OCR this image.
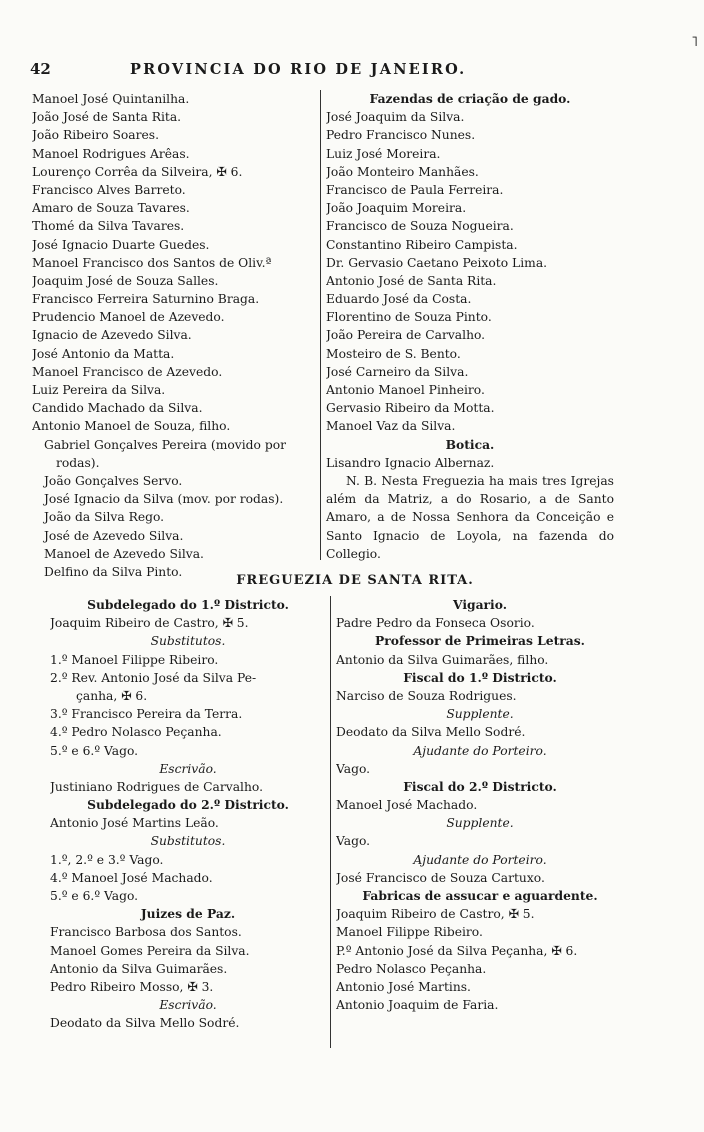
˥
42	PROVINCIA DO RIO DE JANEIRO.
Manoel José Quintanilha.
João José de Santa Rita.
João Ribeiro Soares.
Manoel Rodrigues Arêas.
Lourenço Corrêa da Silveira, ✠ 6.
Francisco Alves Barreto.
Amaro de Souza Tavares.
Thomé da Silva Tavares.
José Ignacio Duarte Guedes.
Manoel Francisco dos Santos de Oliv.ª
Joaquim José de Souza Salles.
Francisco Ferreira Saturnino Braga.
Prudencio Manoel de Azevedo.
Ignacio de Azevedo Silva.
José Antonio da Matta.
Manoel Francisco de Azevedo.
Luiz Pereira da Silva.
Candido Machado da Silva.
Antonio Manoel de Souza, filho.
Gabriel Gonçalves Pereira (movido por
rodas).
João Gonçalves Servo.
José Ignacio da Silva (mov. por rodas).
João da Silva Rego.
José de Azevedo Silva.
Manoel de Azevedo Silva.
Delfino da Silva Pinto.
Fazendas de criação de gado.
José Joaquim da Silva.
Pedro Francisco Nunes.
Luiz José Moreira.
João Monteiro Manhães.
Francisco de Paula Ferreira.
João Joaquim Moreira.
Francisco de Souza Nogueira.
Constantino Ribeiro Campista.
Dr. Gervasio Caetano Peixoto Lima.
Antonio José de Santa Rita.
Eduardo José da Costa.
Florentino de Souza Pinto.
João Pereira de Carvalho.
Mosteiro de S. Bento.
José Carneiro da Silva.
Antonio Manoel Pinheiro.
Gervasio Ribeiro da Motta.
Manoel Vaz da Silva.
Botica.
Lisandro Ignacio Albernaz.
N. B. Nesta Freguezia ha mais tres Igrejas além da Matriz, a do Rosario, a de Santo Amaro, a de Nossa Senhora da Conceição e Santo Ignacio de Loyola, na fazenda do Collegio.
FREGUEZIA DE SANTA RITA.
Subdelegado do 1.º Districto.
Joaquim Ribeiro de Castro, ✠ 5.
Substitutos.
1.º Manoel Filippe Ribeiro.
2.º Rev. Antonio José da Silva Pe-
çanha, ✠ 6.
3.º Francisco Pereira da Terra.
4.º Pedro Nolasco Peçanha.
5.º e 6.º Vago.
Escrivão.
Justiniano Rodrigues de Carvalho.
Subdelegado do 2.º Districto.
Antonio José Martins Leão.
Substitutos.
1.º, 2.º e 3.º Vago.
4.º Manoel José Machado.
5.º e 6.º Vago.
Juizes de Paz.
Francisco Barbosa dos Santos.
Manoel Gomes Pereira da Silva.
Antonio da Silva Guimarães.
Pedro Ribeiro Mosso, ✠ 3.
Escrivão.
Deodato da Silva Mello Sodré.
Vigario.
Padre Pedro da Fonseca Osorio.
Professor de Primeiras Letras.
Antonio da Silva Guimarães, filho.
Fiscal do 1.º Districto.
Narciso de Souza Rodrigues.
Supplente.
Deodato da Silva Mello Sodré.
Ajudante do Porteiro.
Vago.
Fiscal do 2.º Districto.
Manoel José Machado.
Supplente.
Vago.
Ajudante do Porteiro.
José Francisco de Souza Cartuxo.
Fabricas de assucar e aguardente.
Joaquim Ribeiro de Castro, ✠ 5.
Manoel Filippe Ribeiro.
P.º Antonio José da Silva Peçanha, ✠ 6.
Pedro Nolasco Peçanha.
Antonio José Martins.
Antonio Joaquim de Faria.
